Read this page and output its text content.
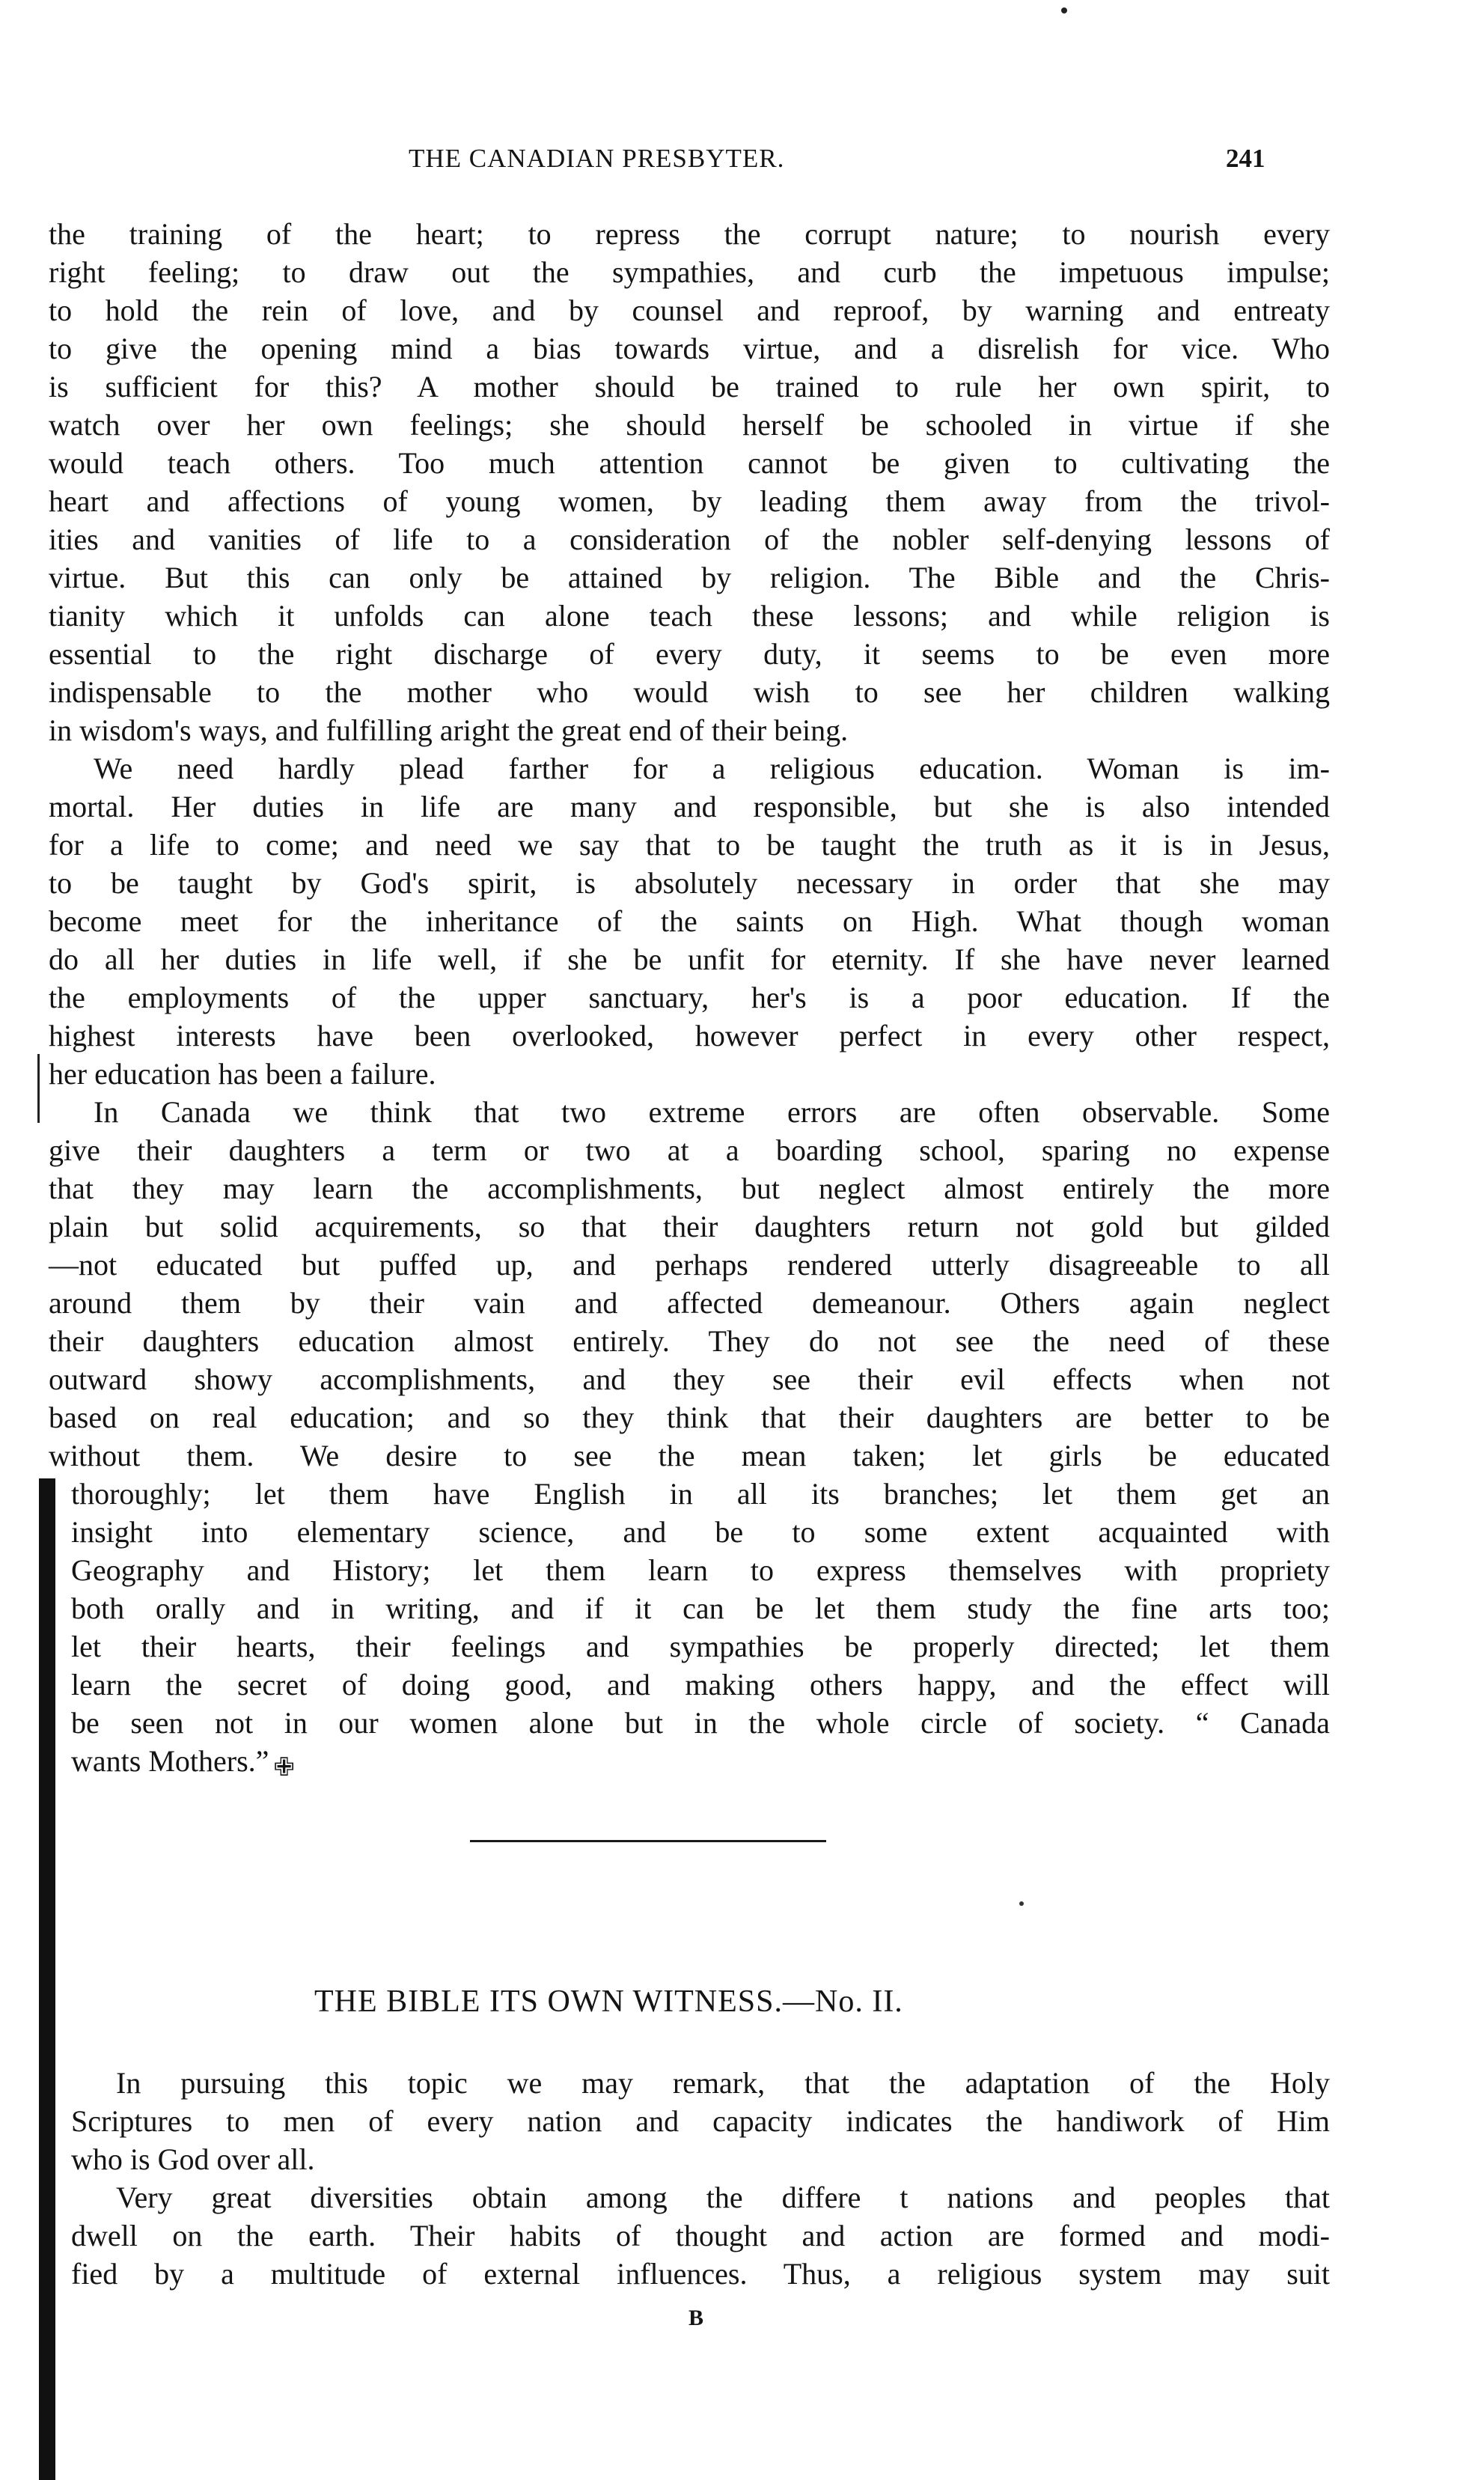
THE CANADIAN PRESBYTER.	241
the training of the heart; to repress the corrupt nature; to nourish every
right feeling; to draw out the sympathies, and curb the impetuous impulse;
to hold the rein of love, and by counsel and reproof, by warning and entreaty
to give the opening mind a bias towards virtue, and a disrelish for vice. Who
is sufficient for this? A mother should be trained to rule her own spirit, to
watch over her own feelings; she should herself be schooled in virtue if she
would teach others. Too much attention cannot be given to cultivating the
heart and affections of young women, by leading them away from the trivol-
ities and vanities of life to a consideration of the nobler self-denying lessons of
virtue. But this can only be attained by religion. The Bible and the Chris-
tianity which it unfolds can alone teach these lessons; and while religion is
essential to the right discharge of every duty, it seems to be even more
indispensable to the mother who would wish to see her children walking
in wisdom's ways, and fulfilling aright the great end of their being.
We need hardly plead farther for a religious education. Woman is im-
mortal. Her duties in life are many and responsible, but she is also intended
for a life to come; and need we say that to be taught the truth as it is in Jesus,
to be taught by God's spirit, is absolutely necessary in order that she may
become meet for the inheritance of the saints on High. What though woman
do all her duties in life well, if she be unfit for eternity. If she have never learned
the employments of the upper sanctuary, her's is a poor education. If the
highest interests have been overlooked, however perfect in every other respect,
her education has been a failure.
In Canada we think that two extreme errors are often observable. Some
give their daughters a term or two at a boarding school, sparing no expense
that they may learn the accomplishments, but neglect almost entirely the more
plain but solid acquirements, so that their daughters return not gold but gilded
—not educated but puffed up, and perhaps rendered utterly disagreeable to all
around them by their vain and affected demeanour. Others again neglect
their daughters education almost entirely. They do not see the need of these
outward showy accomplishments, and they see their evil effects when not
based on real education; and so they think that their daughters are better to be
without them. We desire to see the mean taken; let girls be educated
thoroughly; let them have English in all its branches; let them get an
insight into elementary science, and be to some extent acquainted with
Geography and History; let them learn to express themselves with propriety
both orally and in writing, and if it can be let them study the fine arts too;
let their hearts, their feelings and sympathies be properly directed; let them
learn the secret of doing good, and making others happy, and the effect will
be seen not in our women alone but in the whole circle of society. “ Canada
wants Mothers.” ✙
THE BIBLE ITS OWN WITNESS.—No. II.
In pursuing this topic we may remark, that the adaptation of the Holy
Scriptures to men of every nation and capacity indicates the handiwork of Him
who is God over all.
Very great diversities obtain among the differe t nations and peoples that
dwell on the earth. Their habits of thought and action are formed and modi-
fied by a multitude of external influences. Thus, a religious system may suit
B
